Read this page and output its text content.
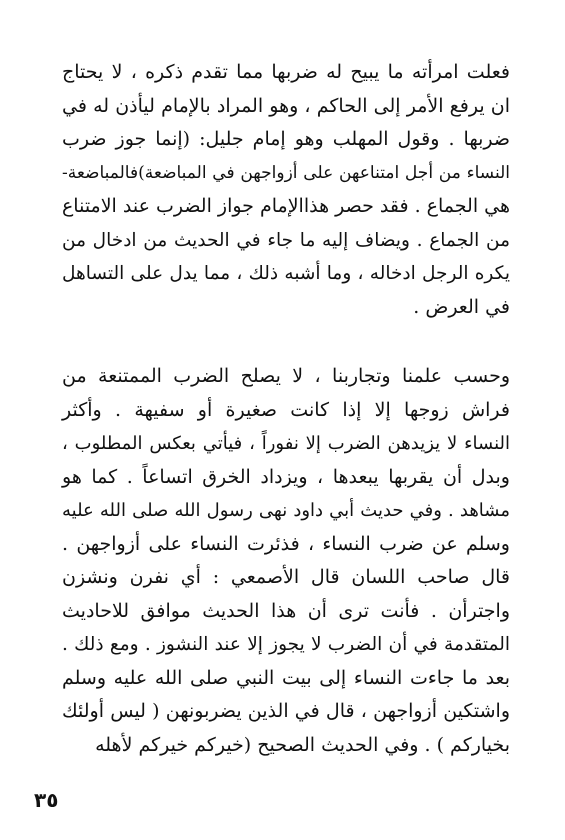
فعلت امرأته ما يبيح له ضربها مما تقدم ذكره ، لا يحتاج
ان يرفع الأمر إلى الحاكم ، وهو المراد بالإمام ليأذن له في
ضربها . وقول المهلب وهو إمام جليل: (إنما جوز ضرب
النساء من أجل امتناعهن على أزواجهن في المباضعة)فالمباضعة-
هي الجماع . فقد حصر هذاالإمام جواز الضرب عند الامتناع
من الجماع . ويضاف إليه ما جاء في الحديث من ادخال من
يكره الرجل ادخاله ، وما أشبه ذلك ، مما يدل على التساهل
في العرض .
وحسب علمنا وتجاربنا ، لا يصلح الضرب الممتنعة من
فراش زوجها إلا إذا كانت صغيرة أو سفيهة . وأكثر
النساء لا يزيدهن الضرب إلا نفوراً ، فيأتي بعكس المطلوب ،
وبدل أن يقربها يبعدها ، ويزداد الخرق اتساعاً . كما هو
مشاهد . وفي حديث أبي داود نهى رسول الله صلى الله عليه
وسلم عن ضرب النساء ، فذئرت النساء على أزواجهن .
قال صاحب اللسان قال الأصمعي : أي نفرن ونشزن
واجترأن . فأنت ترى أن هذا الحديث موافق للاحاديث
المتقدمة في أن الضرب لا يجوز إلا عند النشوز . ومع ذلك .
بعد ما جاءت النساء إلى بيت النبي صلى الله عليه وسلم
واشتكين أزواجهن ، قال في الذين يضربونهن ( ليس أولئك
بخياركم ) . وفي الحديث الصحيح (خيركم خيركم لأهله
٣٥
